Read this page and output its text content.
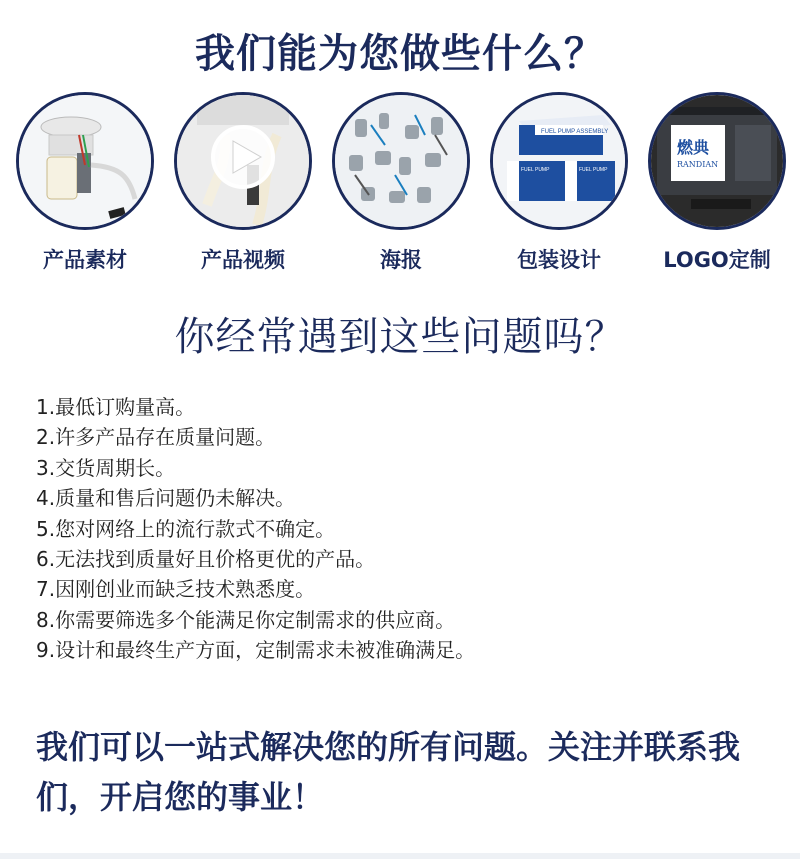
我们能为您做些什么？
产品素材	产品视频	海报
FUEL PUMP ASSEMBLY
FUEL PUMP	FUEL PUMP
包装设计
燃典
RANDIAN
LOGO定制
你经常遇到这些问题吗？
1.最低订购量高。
2.许多产品存在质量问题。
3.交货周期长。
4.质量和售后问题仍未解决。
5.您对网络上的流行款式不确定。
6.无法找到质量好且价格更优的产品。
7.因刚创业而缺乏技术熟悉度。
8.你需要筛选多个能满足你定制需求的供应商。
9.设计和最终生产方面，定制需求未被准确满足。
我们可以一站式解决您的所有问题。关注并联系我们，开启您的事业！
